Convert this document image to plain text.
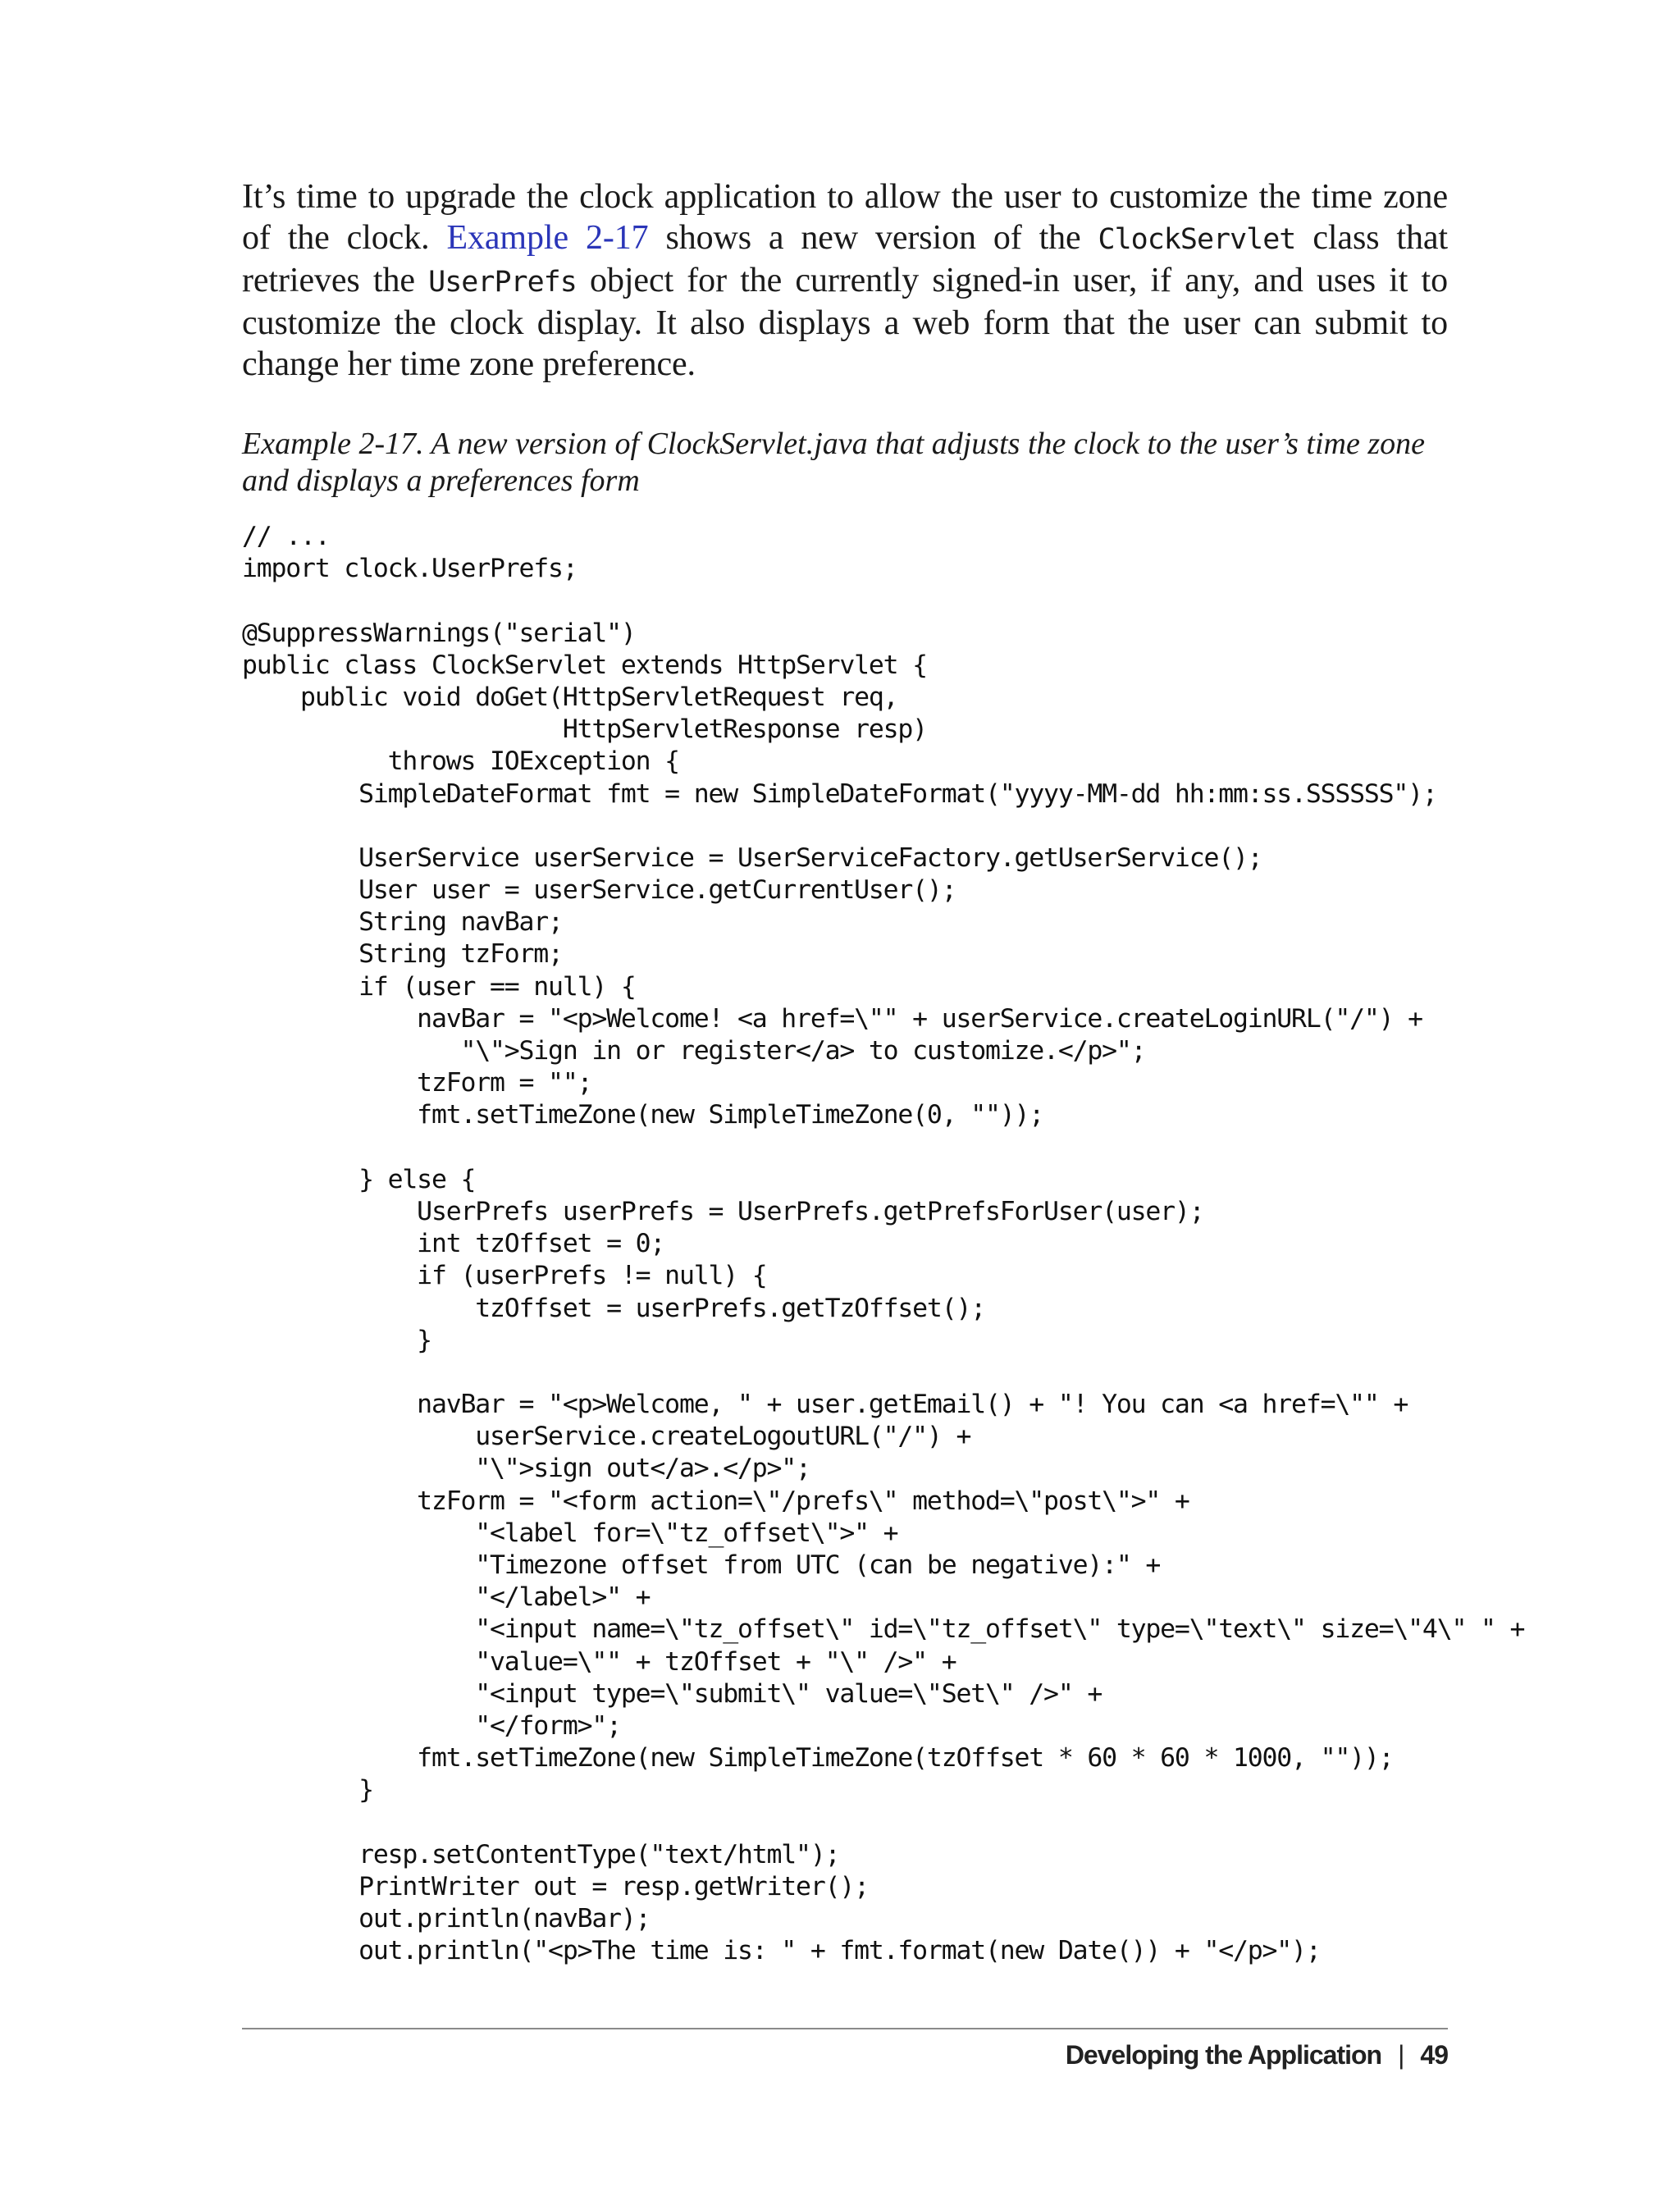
It’s time to upgrade the clock application to allow the user to customize the time zone of the clock. Example 2-17 shows a new version of the ClockServlet class that retrieves the UserPrefs object for the currently signed-in user, if any, and uses it to customize the clock display. It also displays a web form that the user can submit to change her time zone preference.

Example 2-17. A new version of ClockServlet.java that adjusts the clock to the user’s time zone and displays a preferences form

// ...
import clock.UserPrefs;
@SuppressWarnings("serial")
public class ClockServlet extends HttpServlet {
public void doGet(HttpServletRequest req,
HttpServletResponse resp)
throws IOException {
SimpleDateFormat fmt = new SimpleDateFormat("yyyy-MM-dd hh:mm:ss.SSSSSS");
UserService userService = UserServiceFactory.getUserService();
User user = userService.getCurrentUser();
String navBar;
String tzForm;
if (user == null) {
navBar = "<p>Welcome! <a href=\"" + userService.createLoginURL("/") +
"\">Sign in or register</a> to customize.</p>";
tzForm = "";
fmt.setTimeZone(new SimpleTimeZone(0, ""));
} else {
UserPrefs userPrefs = UserPrefs.getPrefsForUser(user);
int tzOffset = 0;
if (userPrefs != null) {
tzOffset = userPrefs.getTzOffset();
}
navBar = "<p>Welcome, " + user.getEmail() + "! You can <a href=\"" +
userService.createLogoutURL("/") +
"\">sign out</a>.</p>";
tzForm = "<form action=\"/prefs\" method=\"post\">" +
"<label for=\"tz_offset\">" +
"Timezone offset from UTC (can be negative):" +
"</label>" +
"<input name=\"tz_offset\" id=\"tz_offset\" type=\"text\" size=\"4\" " +
"value=\"" + tzOffset + "\" />" +
"<input type=\"submit\" value=\"Set\" />" +
"</form>";
fmt.setTimeZone(new SimpleTimeZone(tzOffset * 60 * 60 * 1000, ""));
}
resp.setContentType("text/html");
PrintWriter out = resp.getWriter();
out.println(navBar);
out.println("<p>The time is: " + fmt.format(new Date()) + "</p>");
Developing the Application | 49
